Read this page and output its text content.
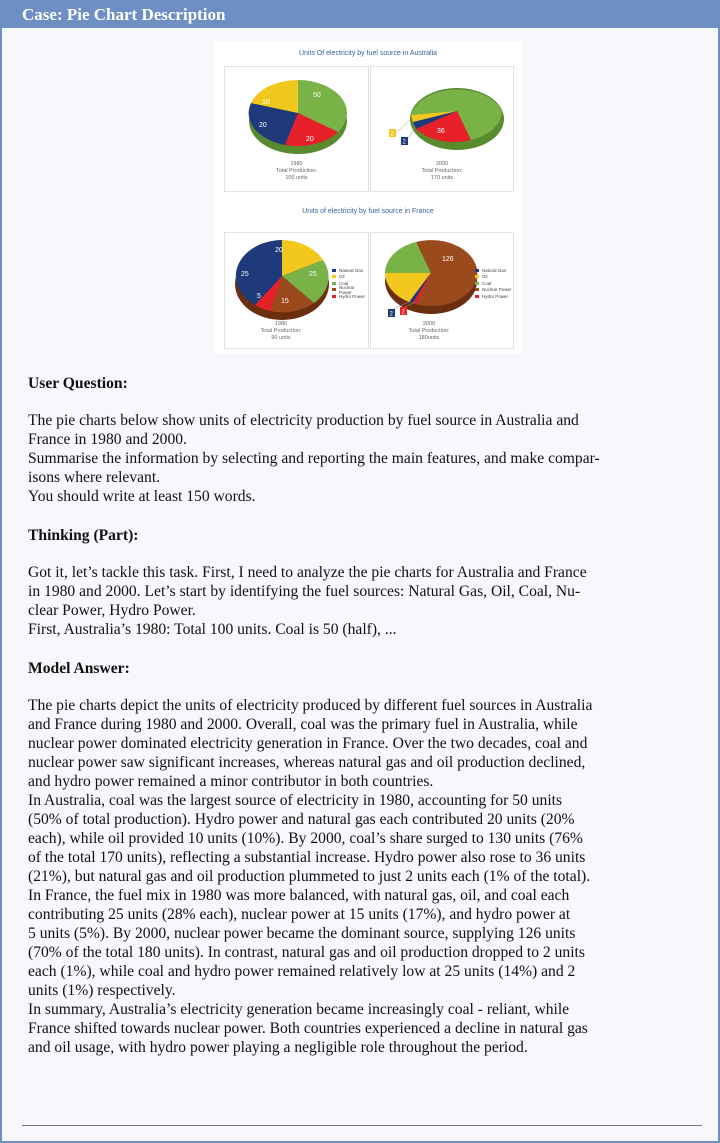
Case: Pie Chart Description
Units Of electricity by fuel source in Australia
50
20
20
10
1980
Total Production:
100 units
130
36
2
2
2000
Total Production:
170 units
Units of electricity by fuel source in France
20
25
15
5
25
Natural Gas
Oil
Coal
Nuclear Power
Hydro Power
1980
Total Production:
90 units
126
25
2 2
Natural Gas
Oil
Coal
Nuclear Power
Hydro Power
2000
Total Production:
180units
User Question:
The pie charts below show units of electricity production by fuel source in Australia and
France in 1980 and 2000.
Summarise the information by selecting and reporting the main features, and make compar-
isons where relevant.
You should write at least 150 words.
Thinking (Part):
Got it, let’s tackle this task. First, I need to analyze the pie charts for Australia and France
in 1980 and 2000. Let’s start by identifying the fuel sources: Natural Gas, Oil, Coal, Nu-
clear Power, Hydro Power.
First, Australia’s 1980: Total 100 units. Coal is 50 (half), ...
Model Answer:
The pie charts depict the units of electricity produced by different fuel sources in Australia
and France during 1980 and 2000. Overall, coal was the primary fuel in Australia, while
nuclear power dominated electricity generation in France. Over the two decades, coal and
nuclear power saw significant increases, whereas natural gas and oil production declined,
and hydro power remained a minor contributor in both countries.
In Australia, coal was the largest source of electricity in 1980, accounting for 50 units
(50% of total production). Hydro power and natural gas each contributed 20 units (20%
each), while oil provided 10 units (10%). By 2000, coal’s share surged to 130 units (76%
of the total 170 units), reflecting a substantial increase. Hydro power also rose to 36 units
(21%), but natural gas and oil production plummeted to just 2 units each (1% of the total).
In France, the fuel mix in 1980 was more balanced, with natural gas, oil, and coal each
contributing 25 units (28% each), nuclear power at 15 units (17%), and hydro power at
5 units (5%). By 2000, nuclear power became the dominant source, supplying 126 units
(70% of the total 180 units). In contrast, natural gas and oil production dropped to 2 units
each (1%), while coal and hydro power remained relatively low at 25 units (14%) and 2
units (1%) respectively.
In summary, Australia’s electricity generation became increasingly coal - reliant, while
France shifted towards nuclear power. Both countries experienced a decline in natural gas
and oil usage, with hydro power playing a negligible role throughout the period.
